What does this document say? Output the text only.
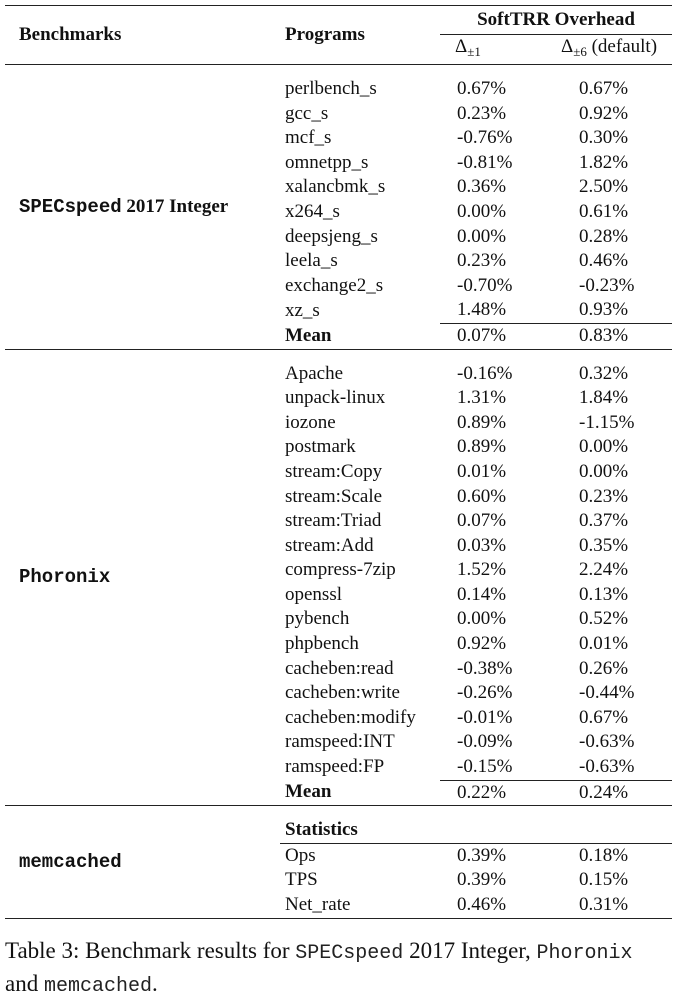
Benchmarks	Programs	SoftTRR Overhead	
		$\Delta_{\pm 1}$	$\Delta_{\pm 6}$ (default)
SPECspeed 2017 Integer			
	perlbench_s	0.67%	0.67%
	gcc_s	0.23%	0.92%
	mcf_s	-0.76%	0.30%
	omnetpp_s	-0.81%	1.82%
	xalancbmk_s	0.36%	2.50%
	x264_s	0.00%	0.61%
	deepsjeng_s	0.00%	0.28%
	leela_s	0.23%	0.46%
	exchange2_s	-0.70%	-0.23%
	xz_s	1.48%	0.93%
	Mean	0.07%	0.83%
Phoronix			
	Apache	-0.16%	0.32%
	unpack-linux	1.31%	1.84%
	iozone	0.89%	-1.15%
	postmark	0.89%	0.00%
	stream:Copy	0.01%	0.00%
	stream:Scale	0.60%	0.23%
	stream:Triad	0.07%	0.37%
	stream:Add	0.03%	0.35%
	compress-7zip	1.52%	2.24%
	openssl	0.14%	0.13%
	pybench	0.00%	0.52%
	phpbench	0.92%	0.01%
	cacheben:read	-0.38%	0.26%
	cacheben:write	-0.26%	-0.44%
	cacheben:modify	-0.01%	0.67%
	ramspeed:INT	-0.09%	-0.63%
	ramspeed:FP	-0.15%	-0.63%
	Mean	0.22%	0.24%
memcached			
	Statistics		
	Ops	0.39%	0.18%
	TPS	0.39%	0.15%
	Net_rate	0.46%	0.31%
Table 3: Benchmark results for SPECspeed 2017 Integer, Phoronix and memcached.
